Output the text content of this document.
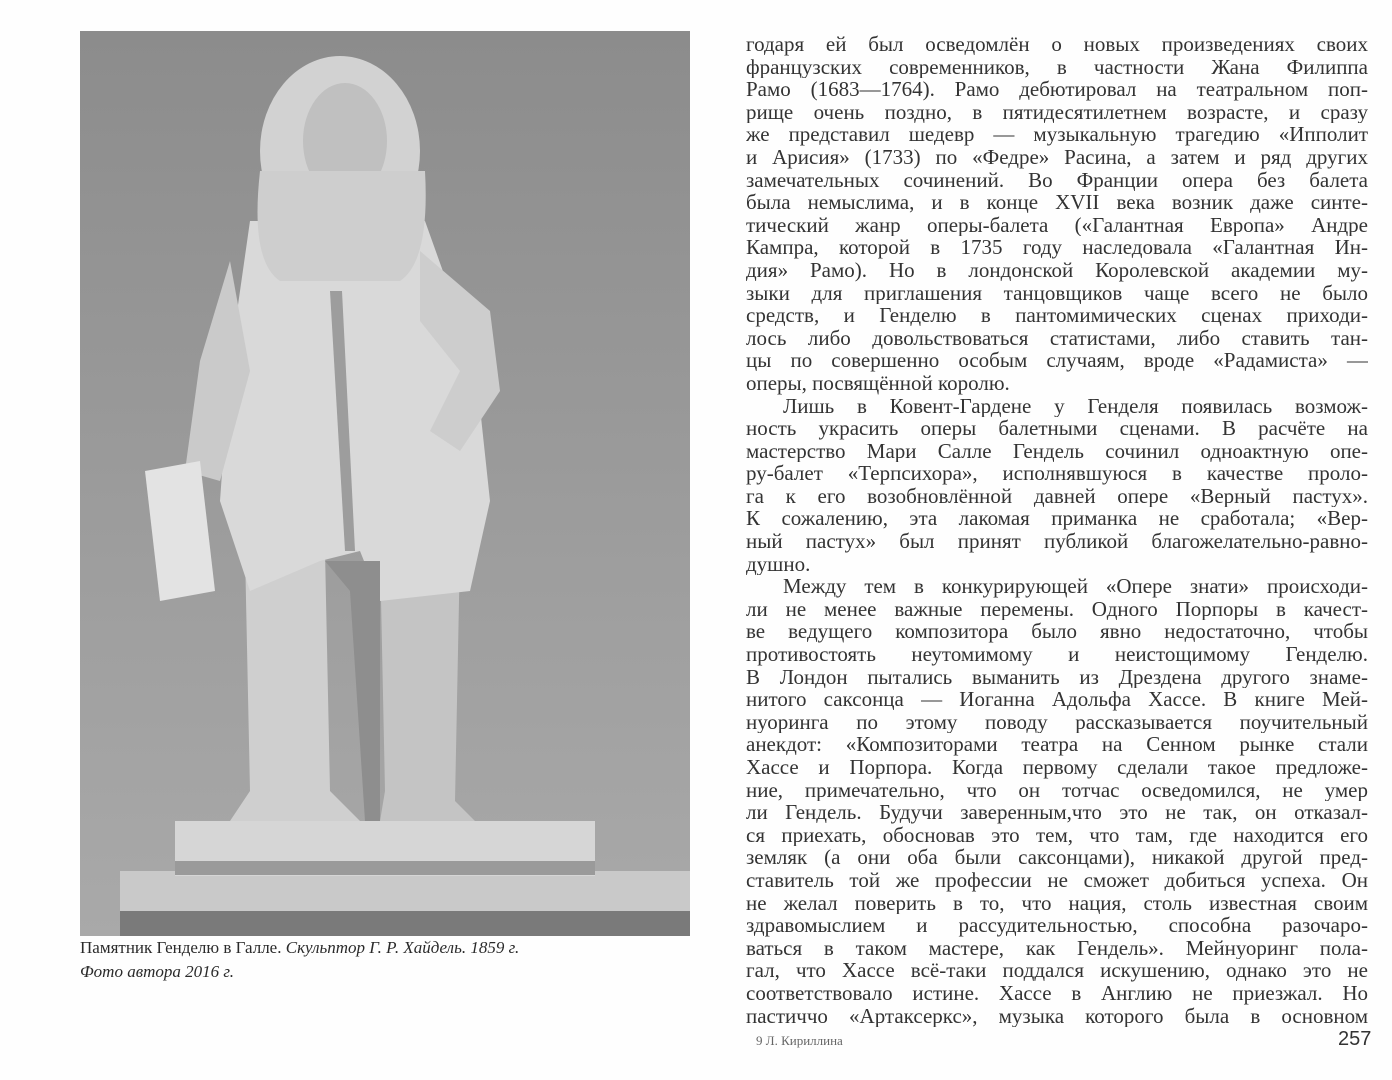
Памятник Генделю в Галле. Скульптор Г. Р. Хайдель. 1859 г.
Фото автора 2016 г.
годаря ей был осведомлён о новых произведениях своих
французских современников, в частности Жана Филиппа
Рамо (1683—1764). Рамо дебютировал на театральном поп-
рище очень поздно, в пятидесятилетнем возрасте, и сразу
же представил шедевр — музыкальную трагедию «Ипполит
и Арисия» (1733) по «Федре» Расина, а затем и ряд других
замечательных сочинений. Во Франции опера без балета
была немыслима, и в конце XVII века возник даже синте-
тический жанр оперы-балета («Галантная Европа» Андре
Кампра, которой в 1735 году наследовала «Галантная Ин-
дия» Рамо). Но в лондонской Королевской академии му-
зыки для приглашения танцовщиков чаще всего не было
средств, и Генделю в пантомимических сценах приходи-
лось либо довольствоваться статистами, либо ставить тан-
цы по совершенно особым случаям, вроде «Радамиста» —
оперы, посвящённой королю.
Лишь в Ковент-Гардене у Генделя появилась возмож-
ность украсить оперы балетными сценами. В расчёте на
мастерство Мари Салле Гендель сочинил одноактную опе-
ру-балет «Терпсихора», исполнявшуюся в качестве проло-
га к его возобновлённой давней опере «Верный пастух».
К сожалению, эта лакомая приманка не сработала; «Вер-
ный пастух» был принят публикой благожелательно-равно-
душно.
Между тем в конкурирующей «Опере знати» происходи-
ли не менее важные перемены. Одного Порпоры в качест-
ве ведущего композитора было явно недостаточно, чтобы
противостоять неутомимому и неистощимому Генделю.
В Лондон пытались выманить из Дрездена другого знаме-
нитого саксонца — Иоганна Адольфа Хассе. В книге Мей-
нуоринга по этому поводу рассказывается поучительный
анекдот: «Композиторами театра на Сенном рынке стали
Хассе и Порпора. Когда первому сделали такое предложе-
ние, примечательно, что он тотчас осведомился, не умер
ли Гендель. Будучи заверенным,что это не так, он отказал-
ся приехать, обосновав это тем, что там, где находится его
земляк (а они оба были саксонцами), никакой другой пред-
ставитель той же профессии не сможет добиться успеха. Он
не желал поверить в то, что нация, столь известная своим
здравомыслием и рассудительностью, способна разочаро-
ваться в таком мастере, как Гендель». Мейнуоринг пола-
гал, что Хассе всё-таки поддался искушению, однако это не
соответствовало истине. Хассе в Англию не приезжал. Но
пастиччо «Артаксеркс», музыка которого была в основном
9 Л. Кириллина	257
